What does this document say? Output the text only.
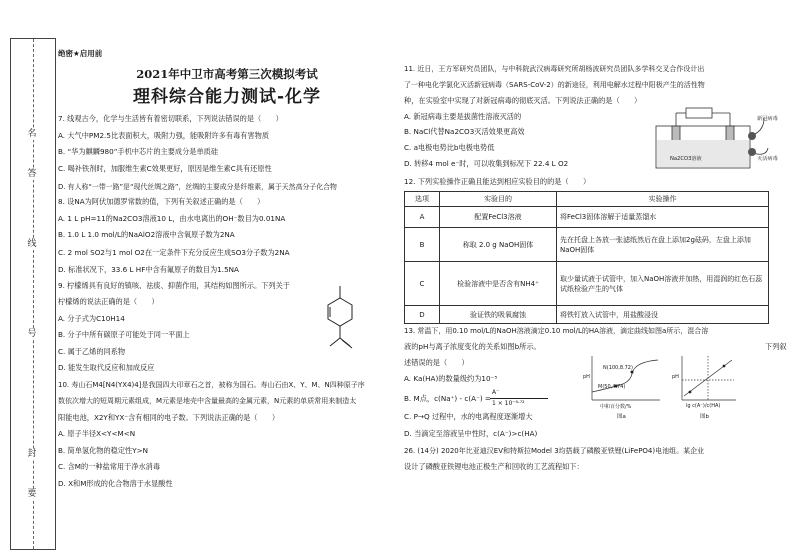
名
答
线
号
封
要
绝密★启用前
2021年中卫市高考第三次模拟考试
理科综合能力测试-化学
7. 线观古今，化学与生活皆有着密切联系，下列说法错误的是（　　）
A. 大气中PM2.5比表面积大，吸附力强，能吸附许多有毒有害物质
B. “华为麒麟980”手机中芯片的主要成分是单质硅
C. 喝补铁剂时，加服维生素C效果更好，原因是维生素C具有还原性
D. 有人称“一带一路”是“现代丝绸之路”，丝绸的主要成分是纤维素，属于天然高分子化合物
8. 设NA为阿伏加德罗常数的值，下列有关叙述正确的是（　　）
A. 1 L pH=11的Na2CO3溶液10 L，由水电离出的OH⁻数目为0.01NA
B. 1.0 L 1.0 mol/L的NaAlO2溶液中含氧原子数为2NA
C. 2 mol SO2与1 mol O2在一定条件下充分反应生成SO3分子数为2NA
D. 标准状况下，33.6 L HF中含有氟原子的数目为1.5NA
9. 柠檬烯具有良好的镇咳、祛痰、抑菌作用，其结构如图所示。下列关于
柠檬烯的说法正确的是（　　）
A. 分子式为C10H14
B. 分子中所有碳原子可能处于同一平面上
C. 属于乙烯的同系物
D. 能发生取代反应和加成反应
10. 寿山石M4[N4(YX4)4]是我国四大印章石之首，被称为国石。寿山石由X、Y、M、N四种原子序
数依次增大的短周期元素组成，M元素是地壳中含量最高的金属元素，N元素的单质常用来制造太
阳能电池，X2Y和YX⁻含有相同的电子数。下列说法正确的是（　　）
A. 原子半径X<Y<M<N
B. 简单氢化物的稳定性Y>N
C. 含M的一种盐常用于净水消毒
D. X和M形成的化合物溶于水显酸性
11. 近日，王方军研究员团队，与中科院武汉病毒研究所胡杨波研究员团队多学科交叉合作设计出
了一种电化学氯化灭活新冠病毒（SARS-CoV-2）的新途径，利用电解水过程中阳极产生的活性物
种，在实验室中实现了对新冠病毒的彻底灭活。下列说法正确的是（　　）
A. 新冠病毒主要是拔菌性溶液灭活的
B. NaCl代替Na2CO3灭活效果更高效
C. a电极电势比b电极电势低
D. 转移4 mol e⁻时，可以收集到标况下 22.4 L O2
新冠病毒
灭活病毒
Na2CO3溶液
12. 下列实验操作正确且能达到相应实验目的的是（　　）
选项	实验目的	实验操作
A	配置FeCl3溶液	将FeCl3固体溶解于适量蒸馏水
B	称取 2.0 g NaOH固体	先在托盘上各放一张滤纸然后在盘上添加2g砝码，左盘上添加NaOH固体
C	检验溶液中是否含有NH4⁺	取少量试液于试管中，加入NaOH溶液并加热，用湿润的红色石蕊试纸检验产生的气体
D	验证铁的吸氧腐蚀	将铁钉放入试管中，用盐酸浸没
13. 常温下，用0.10 mol/L的NaOH溶液滴定0.10 mol/L的HA溶液，滴定曲线如图a所示，混合溶
液的pH与离子浓度变化的关系如图b所示。	下列叙
述错误的是（　　）
A. Ka(HA)的数量级约为10⁻⁵
B. M点，c(Na⁺) - c(A⁻) =
A⁻
1 × 10⁻⁸·⁷²
C. P→Q 过程中，水的电离程度逐渐增大
D. 当滴定至溶液呈中性时，c(A⁻)>c(HA)
pH
N(100,8.72)
M(50,4.74)
中和百分数/%
图a
pH
lg c(A⁻)/c(HA)
图b
26. (14分) 2020年比亚迪汉EV和特斯拉Model 3均搭载了磷酸亚铁锂(LiFePO4)电池组。某企业
设计了磷酸亚铁锂电池正极生产和回收的工艺流程如下：
